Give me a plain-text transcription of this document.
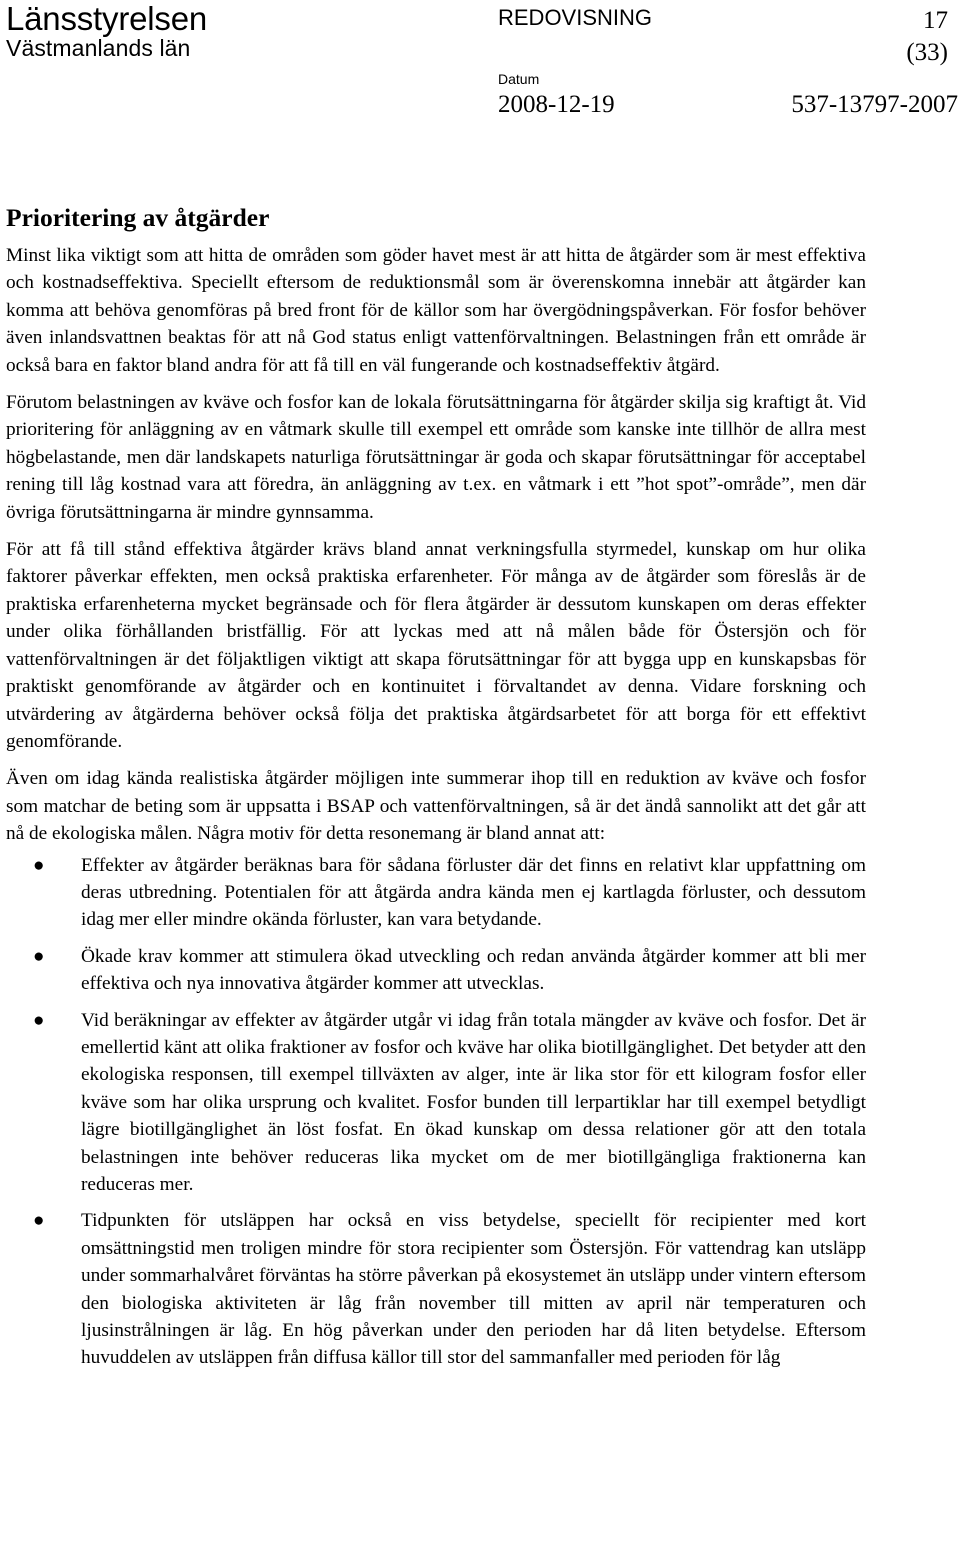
Länsstyrelsen
Västmanlands län
REDOVISNING	17
(33)
Datum
2008-12-19	537-13797-2007
Prioritering av åtgärder

Minst lika viktigt som att hitta de områden som göder havet mest är att hitta de åtgärder som är mest effektiva och kostnadseffektiva. Speciellt eftersom de reduktionsmål som är överenskomna innebär att åtgärder kan komma att behöva genomföras på bred front för de källor som har övergödningspåverkan. För fosfor behöver även inlandsvattnen beaktas för att nå God status enligt vattenförvaltningen. Belastningen från ett område är också bara en faktor bland andra för att få till en väl fungerande och kostnadseffektiv åtgärd.

Förutom belastningen av kväve och fosfor kan de lokala förutsättningarna för åtgärder skilja sig kraftigt åt. Vid prioritering för anläggning av en våtmark skulle till exempel ett område som kanske inte tillhör de allra mest högbelastande, men där landskapets naturliga förutsättningar är goda och skapar förutsättningar för acceptabel rening till låg kostnad vara att föredra, än anläggning av t.ex. en våtmark i ett ”hot spot”-område”, men där övriga förutsättningarna är mindre gynnsamma.

För att få till stånd effektiva åtgärder krävs bland annat verkningsfulla styrmedel, kunskap om hur olika faktorer påverkar effekten, men också praktiska erfarenheter. För många av de åtgärder som föreslås är de praktiska erfarenheterna mycket begränsade och för flera åtgärder är dessutom kunskapen om deras effekter under olika förhållanden bristfällig. För att lyckas med att nå målen både för Östersjön och för vattenförvaltningen är det följaktligen viktigt att skapa förutsättningar för att bygga upp en kunskapsbas för praktiskt genomförande av åtgärder och en kontinuitet i förvaltandet av denna. Vidare forskning och utvärdering av åtgärderna behöver också följa det praktiska åtgärdsarbetet för att borga för ett effektivt genomförande.

Även om idag kända realistiska åtgärder möjligen inte summerar ihop till en reduktion av kväve och fosfor som matchar de beting som är uppsatta i BSAP och vattenförvaltningen, så är det ändå sannolikt att det går att nå de ekologiska målen. Några motiv för detta resonemang är bland annat att:

● Effekter av åtgärder beräknas bara för sådana förluster där det finns en relativt klar uppfattning om deras utbredning. Potentialen för att åtgärda andra kända men ej kartlagda förluster, och dessutom idag mer eller mindre okända förluster, kan vara betydande.
● Ökade krav kommer att stimulera ökad utveckling och redan använda åtgärder kommer att bli mer effektiva och nya innovativa åtgärder kommer att utvecklas.
● Vid beräkningar av effekter av åtgärder utgår vi idag från totala mängder av kväve och fosfor. Det är emellertid känt att olika fraktioner av fosfor och kväve har olika biotillgänglighet. Det betyder att den ekologiska responsen, till exempel tillväxten av alger, inte är lika stor för ett kilogram fosfor eller kväve som har olika ursprung och kvalitet. Fosfor bunden till lerpartiklar har till exempel betydligt lägre biotillgänglighet än löst fosfat. En ökad kunskap om dessa relationer gör att den totala belastningen inte behöver reduceras lika mycket om de mer biotillgängliga fraktionerna kan reduceras mer.
● Tidpunkten för utsläppen har också en viss betydelse, speciellt för recipienter med kort omsättningstid men troligen mindre för stora recipienter som Östersjön. För vattendrag kan utsläpp under sommarhalvåret förväntas ha större påverkan på ekosystemet än utsläpp under vintern eftersom den biologiska aktiviteten är låg från november till mitten av april när temperaturen och ljusinstrålningen är låg. En hög påverkan under den perioden har då liten betydelse. Eftersom huvuddelen av utsläppen från diffusa källor till stor del sammanfaller med perioden för låg
